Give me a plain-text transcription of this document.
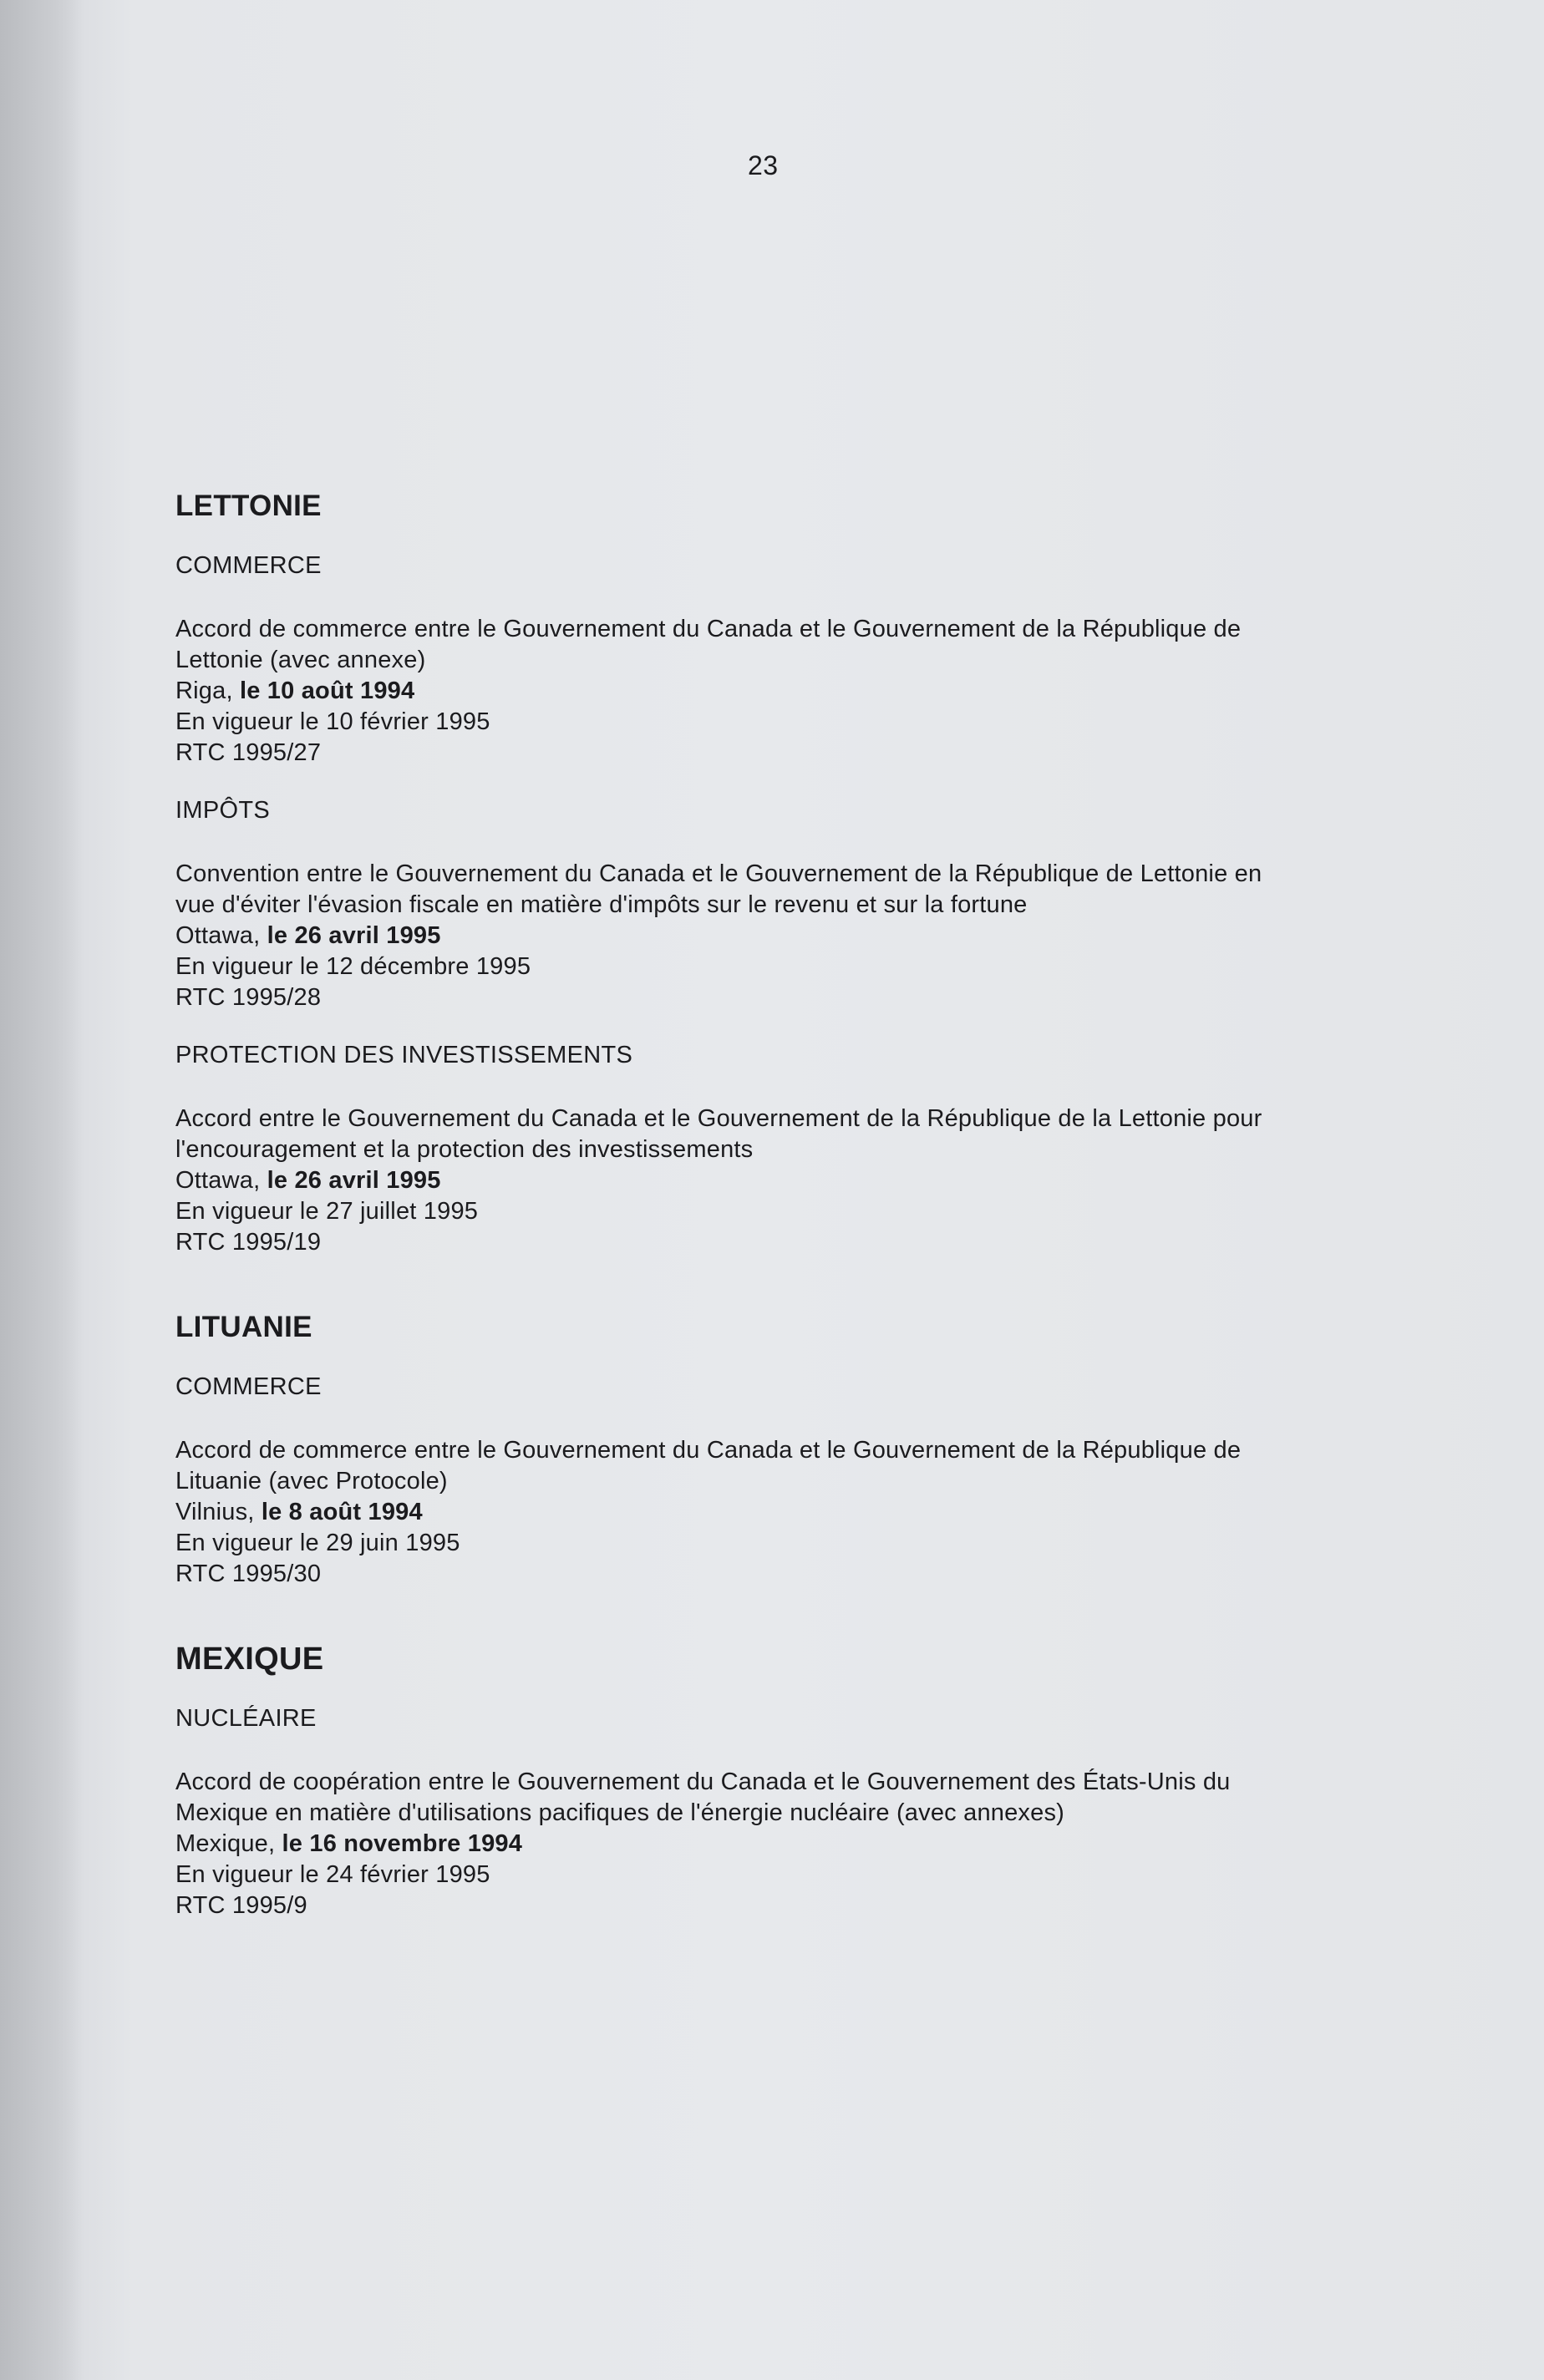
23
LETTONIE
COMMERCE

Accord de commerce entre le Gouvernement du Canada et le Gouvernement de la République de

Lettonie (avec annexe)

Riga, le 10 août 1994

En vigueur le 10 février 1995

RTC 1995/27

IMPÔTS

Convention entre le Gouvernement du Canada et le Gouvernement de la République de Lettonie en

vue d'éviter l'évasion fiscale en matière d'impôts sur le revenu et sur la fortune

Ottawa, le 26 avril 1995

En vigueur le 12 décembre 1995

RTC 1995/28

PROTECTION DES INVESTISSEMENTS

Accord entre le Gouvernement du Canada et le Gouvernement de la République de la Lettonie pour

l'encouragement et la protection des investissements

Ottawa, le 26 avril 1995

En vigueur le 27 juillet 1995

RTC 1995/19

LITUANIE
COMMERCE

Accord de commerce entre le Gouvernement du Canada et le Gouvernement de la République de

Lituanie (avec Protocole)

Vilnius, le 8 août 1994

En vigueur le 29 juin 1995

RTC 1995/30

MEXIQUE
NUCLÉAIRE

Accord de coopération entre le Gouvernement du Canada et le Gouvernement des États-Unis du

Mexique en matière d'utilisations pacifiques de l'énergie nucléaire (avec annexes)

Mexique, le 16 novembre 1994

En vigueur le 24 février 1995

RTC 1995/9
